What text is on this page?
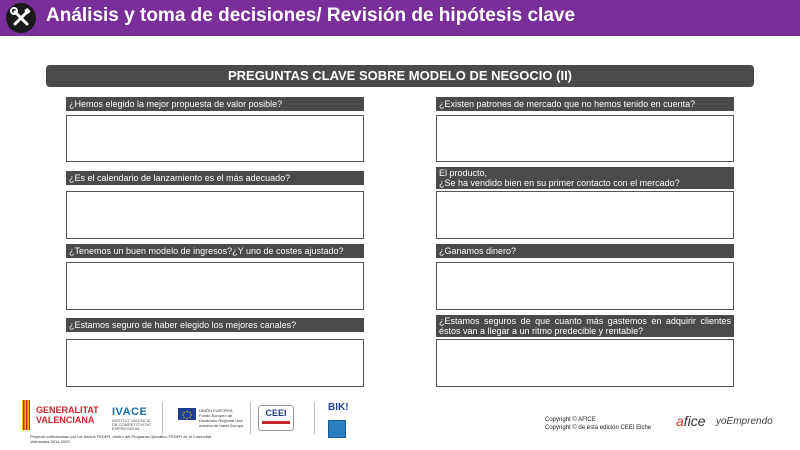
Análisis y toma de decisiones/ Revisión de hipótesis clave
PREGUNTAS CLAVE SOBRE MODELO DE NEGOCIO (II)
¿Hemos elegido la mejor propuesta de valor posible?
¿Es el calendario de lanzamiento es el más adecuado?
¿Tenemos un buen modelo de ingresos?¿Y uno de costes ajustado?
¿Estamos seguro de haber elegido los mejores canales?
¿Existen patrones de mercado que no hemos tenido en cuenta?
El producto,
¿Se ha vendido bien en su primer contacto con el mercado?
¿Ganamos dinero?
¿Estamos seguros de que cuanto más gastemos en adquirir clientes
éstos van a llegar a un ritmo predecible y rentable?
GENERALITAT
VALENCIANA
Proyecto cofinanciado por los fondos FEDER, dentro del Programa Operativo FEDER de la Comunitat Valenciana 2014-2020
IVACE
INSTITUT VALENCIÀ DE COMPETITIVITAT EMPRESARIAL
UNIÓN EUROPEA Fondo Europeo de Desarrollo Regional Una manera de hacer Europa
CEEI	BIK!
Copyright © AFICE
Copyright © de esta edición CEEI Elche afice yoEmprendo
